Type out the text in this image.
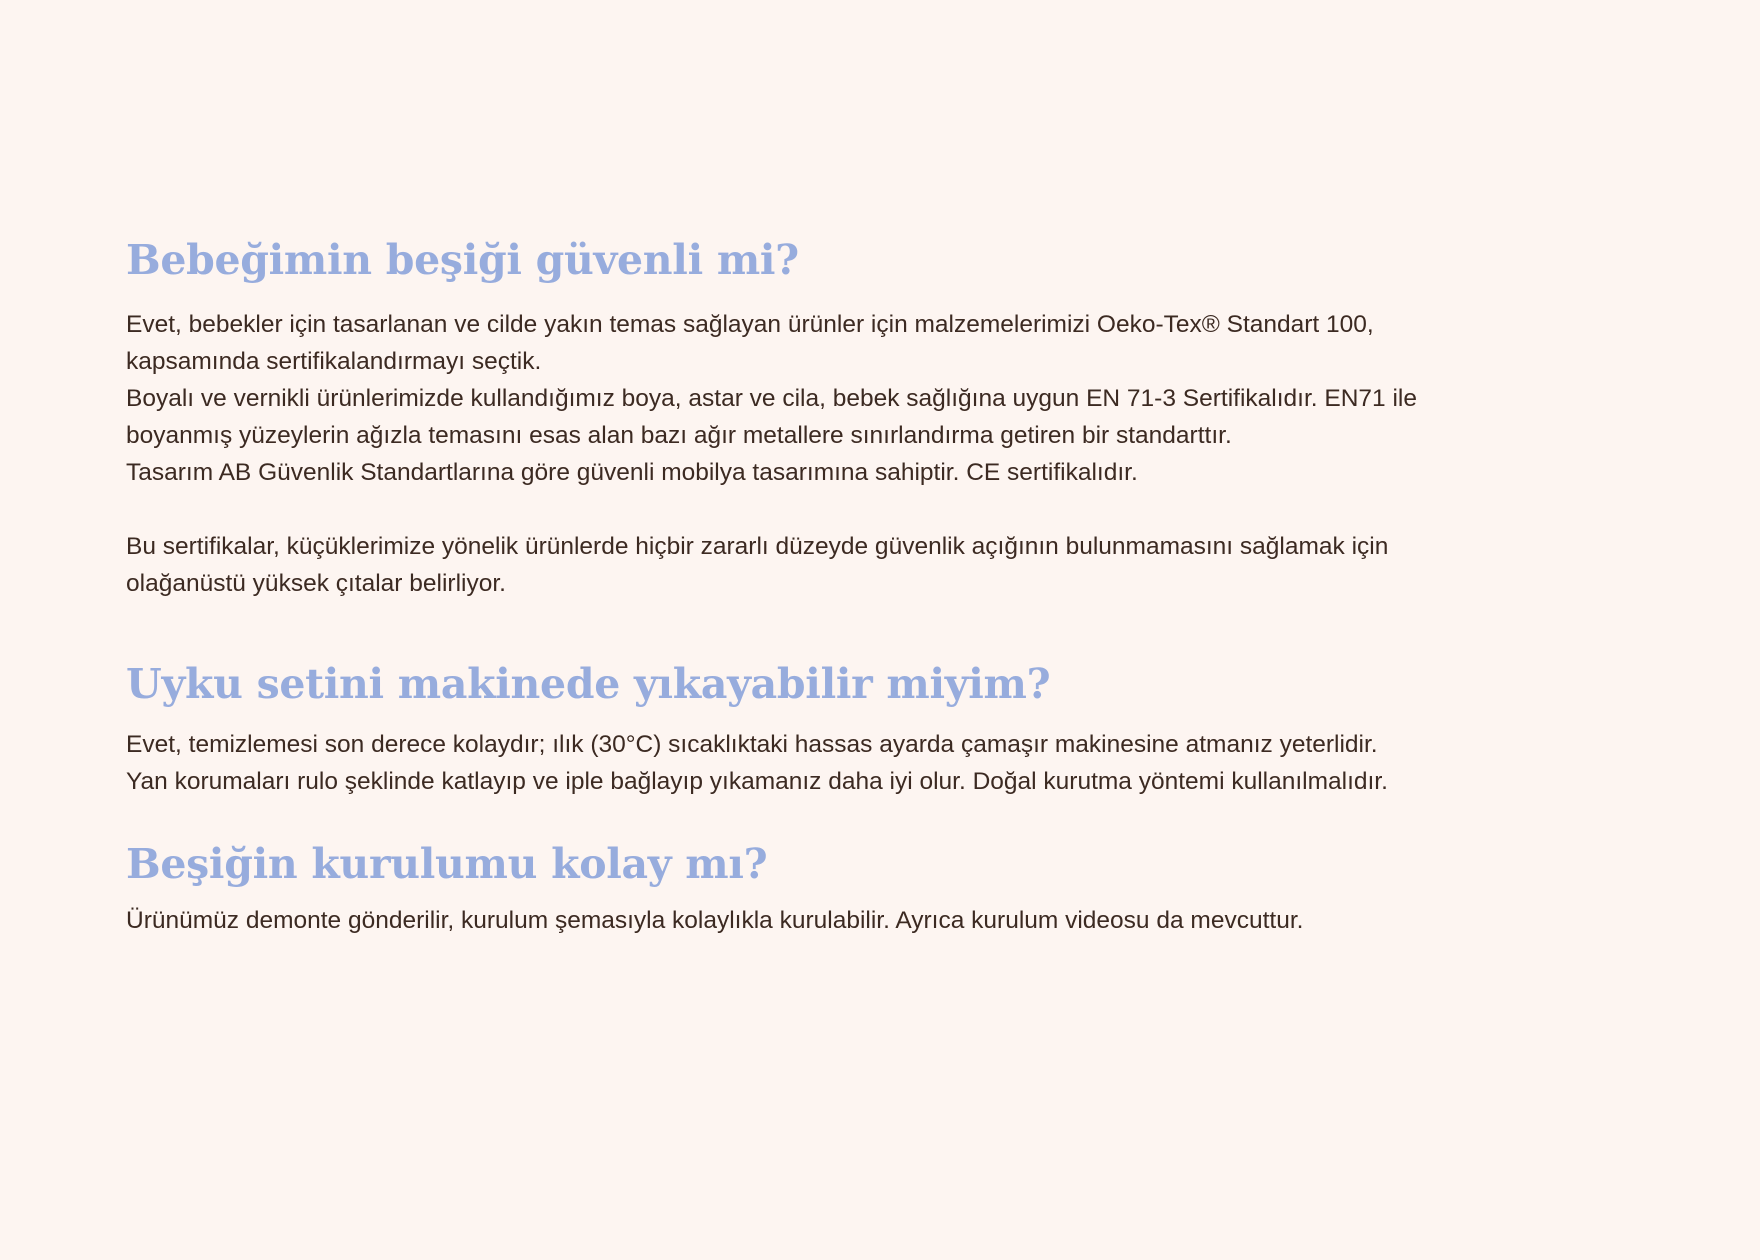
Bebeğimin beşiği güvenli mi?

Evet, bebekler için tasarlanan ve cilde yakın temas sağlayan ürünler için malzemelerimizi Oeko-Tex® Standart 100,

kapsamında sertifikalandırmayı seçtik.

Boyalı ve vernikli ürünlerimizde kullandığımız boya, astar ve cila, bebek sağlığına uygun EN 71-3 Sertifikalıdır. EN71 ile

boyanmış yüzeylerin ağızla temasını esas alan bazı ağır metallere sınırlandırma getiren bir standarttır.

Tasarım AB Güvenlik Standartlarına göre güvenli mobilya tasarımına sahiptir. CE sertifikalıdır.

Bu sertifikalar, küçüklerimize yönelik ürünlerde hiçbir zararlı düzeyde güvenlik açığının bulunmamasını sağlamak için

olağanüstü yüksek çıtalar belirliyor.

Uyku setini makinede yıkayabilir miyim?

Evet, temizlemesi son derece kolaydır; ılık (30°C) sıcaklıktaki hassas ayarda çamaşır makinesine atmanız yeterlidir.

Yan korumaları rulo şeklinde katlayıp ve iple bağlayıp yıkamanız daha iyi olur. Doğal kurutma yöntemi kullanılmalıdır.

Beşiğin kurulumu kolay mı?

Ürünümüz demonte gönderilir, kurulum şemasıyla kolaylıkla kurulabilir. Ayrıca kurulum videosu da mevcuttur.
